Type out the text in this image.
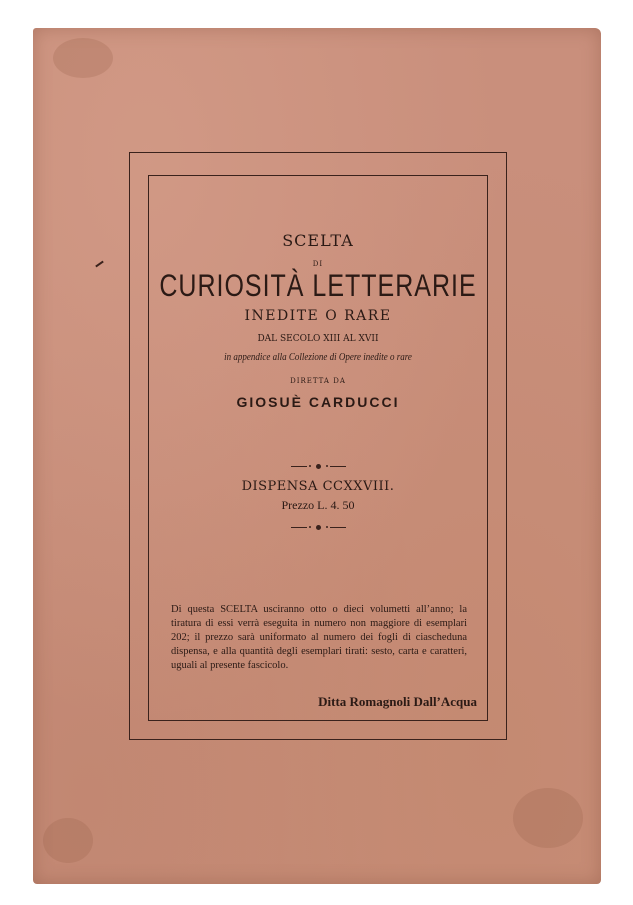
SCELTA
DI
CURIOSITÀ LETTERARIE
INEDITE O RARE
DAL SECOLO XIII AL XVII
in appendice alla Collezione di Opere inedite o rare
DIRETTA DA
GIOSUÈ CARDUCCI
DISPENSA CCXXVIII.
Prezzo L. 4. 50
Di questa SCELTA usciranno otto o dieci volumetti all’anno; la tiratura di essi verrà eseguita in numero non maggiore di esemplari 202; il prezzo sarà uniformato al numero dei fogli di ciascheduna dispensa, e alla quantità degli esemplari tirati: sesto, carta e caratteri, uguali al presente fascicolo.
Ditta Romagnoli Dall’Acqua
